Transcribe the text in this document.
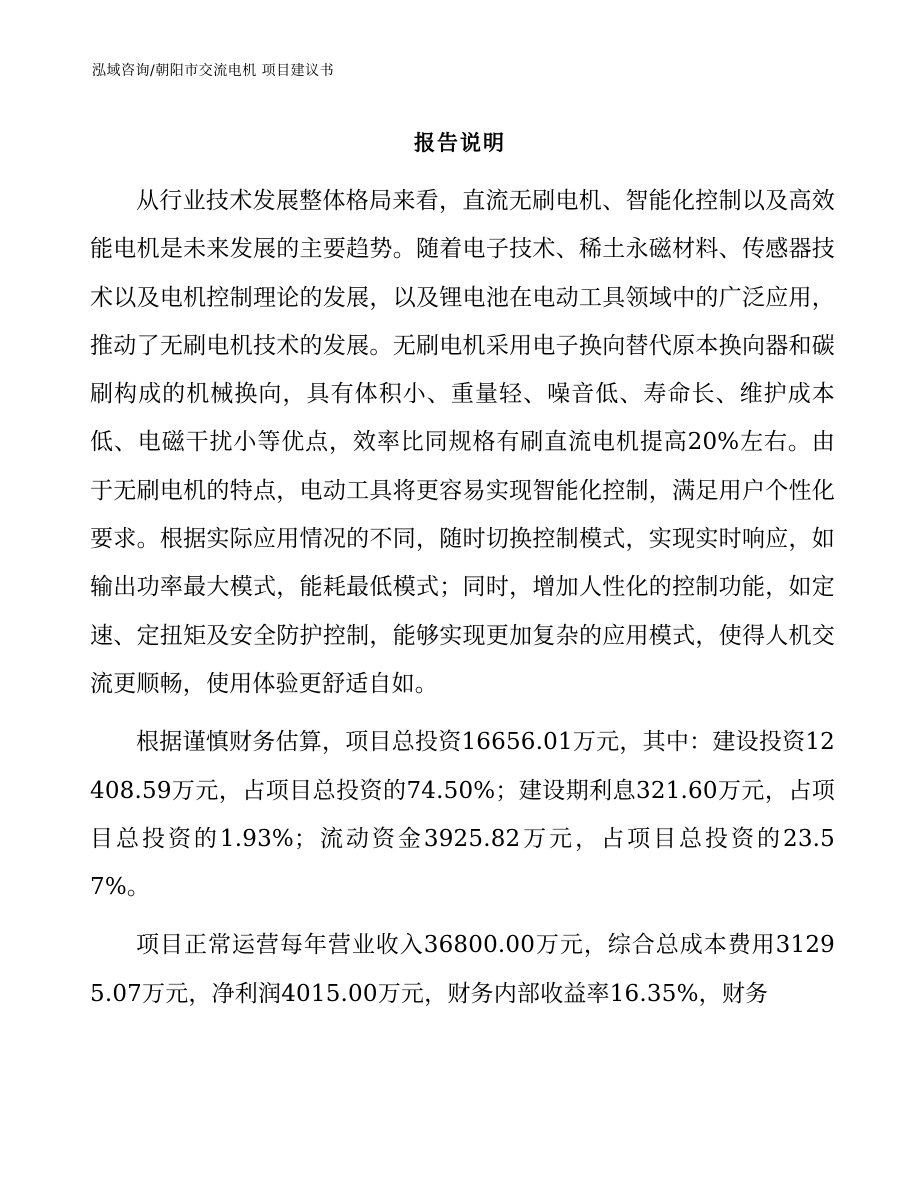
泓域咨询/朝阳市交流电机 项目建议书
报告说明

从行业技术发展整体格局来看，直流无刷电机、智能化控制以及高效能电机是未来发展的主要趋势。随着电子技术、稀土永磁材料、传感器技术以及电机控制理论的发展，以及锂电池在电动工具领域中的广泛应用，推动了无刷电机技术的发展。无刷电机采用电子换向替代原本换向器和碳刷构成的机械换向，具有体积小、重量轻、噪音低、寿命长、维护成本低、电磁干扰小等优点，效率比同规格有刷直流电机提高20%左右。由于无刷电机的特点，电动工具将更容易实现智能化控制，满足用户个性化要求。根据实际应用情况的不同，随时切换控制模式，实现实时响应，如输出功率最大模式，能耗最低模式；同时，增加人性化的控制功能，如定速、定扭矩及安全防护控制，能够实现更加复杂的应用模式，使得人机交流更顺畅，使用体验更舒适自如。

根据谨慎财务估算，项目总投资16656.01万元，其中：建设投资12408.59万元，占项目总投资的74.50%；建设期利息321.60万元，占项目总投资的1.93%；流动资金3925.82万元，占项目总投资的23.57%。

项目正常运营每年营业收入36800.00万元，综合总成本费用31295.07万元，净利润4015.00万元，财务内部收益率16.35%，财务
